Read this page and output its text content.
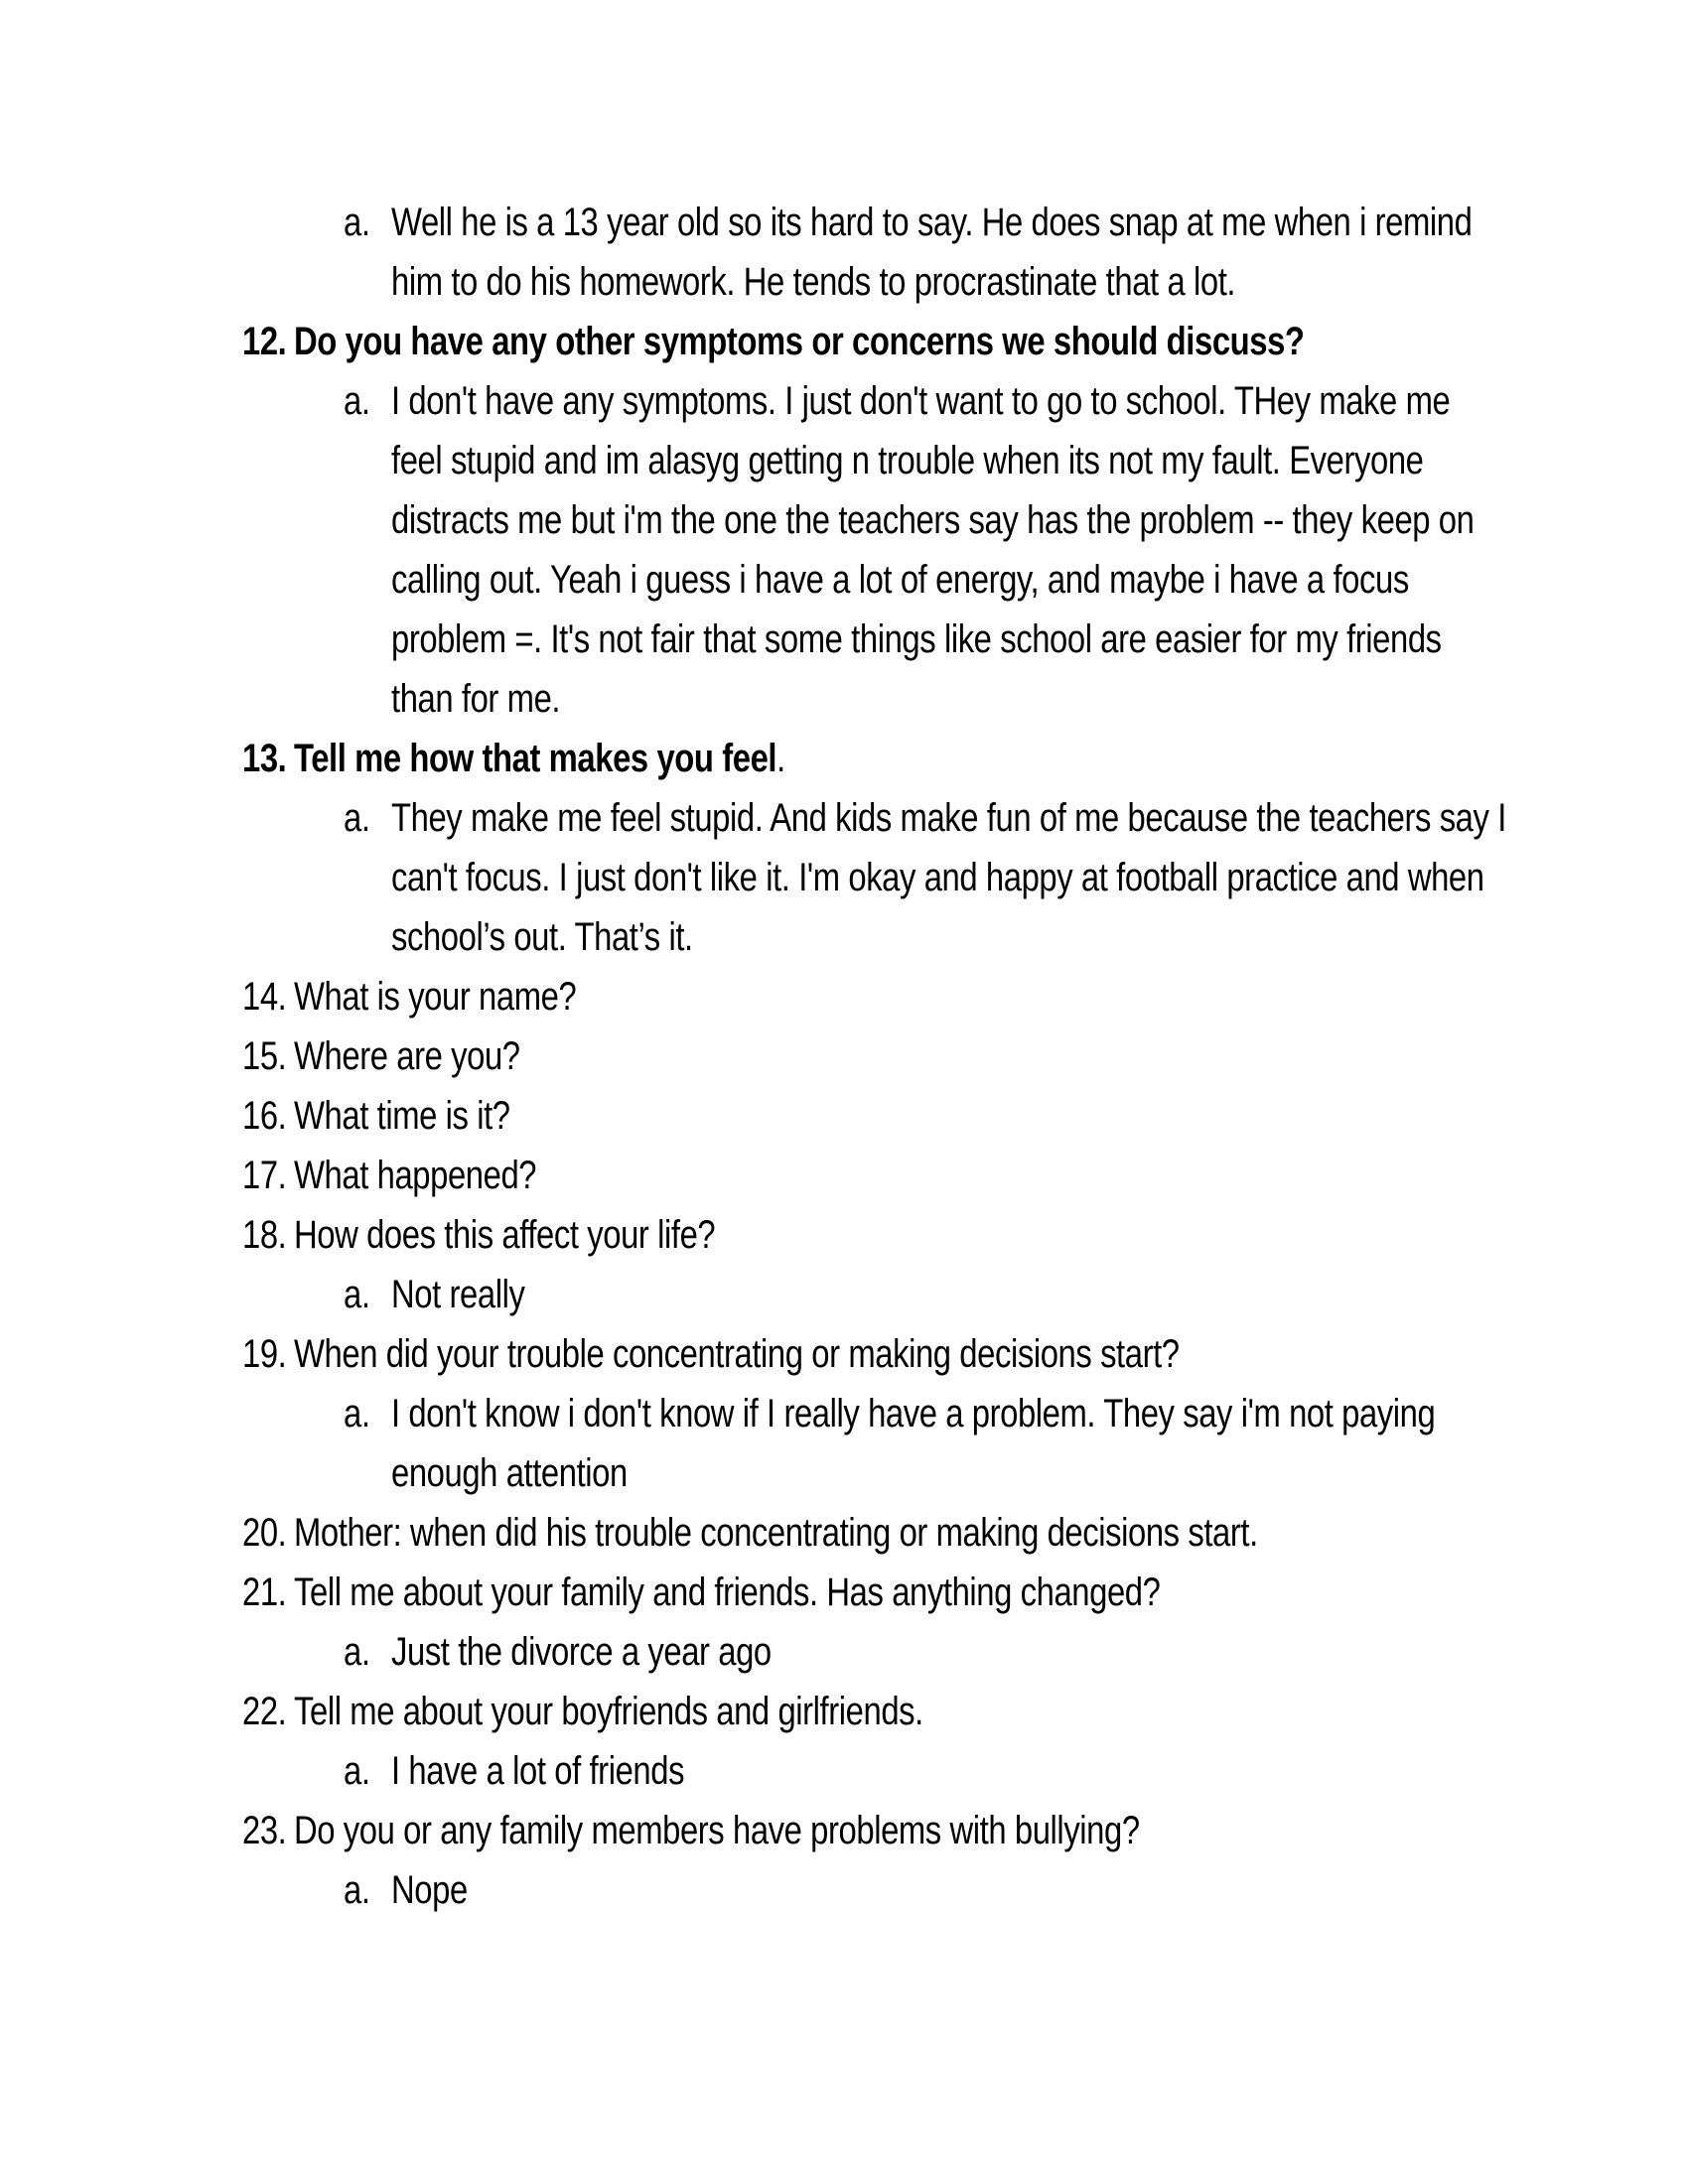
a. Well he is a 13 year old so its hard to say. He does snap at me when i remind
him to do his homework. He tends to procrastinate that a lot.
12. Do you have any other symptoms or concerns we should discuss?
a. I don't have any symptoms. I just don't want to go to school. THey make me
feel stupid and im alasyg getting n trouble when its not my fault. Everyone
distracts me but i'm the one the teachers say has the problem -- they keep on
calling out. Yeah i guess i have a lot of energy, and maybe i have a focus
problem =. It's not fair that some things like school are easier for my friends
than for me.
13. Tell me how that makes you feel.
a. They make me feel stupid. And kids make fun of me because the teachers say I
can't focus. I just don't like it. I'm okay and happy at football practice and when
school’s out. That’s it.
14. What is your name?
15. Where are you?
16. What time is it?
17. What happened?
18. How does this affect your life?
a. Not really
19. When did your trouble concentrating or making decisions start?
a. I don't know i don't know if I really have a problem. They say i'm not paying
enough attention
20. Mother: when did his trouble concentrating or making decisions start.
21. Tell me about your family and friends. Has anything changed?
a. Just the divorce a year ago
22. Tell me about your boyfriends and girlfriends.
a. I have a lot of friends
23. Do you or any family members have problems with bullying?
a. Nope
